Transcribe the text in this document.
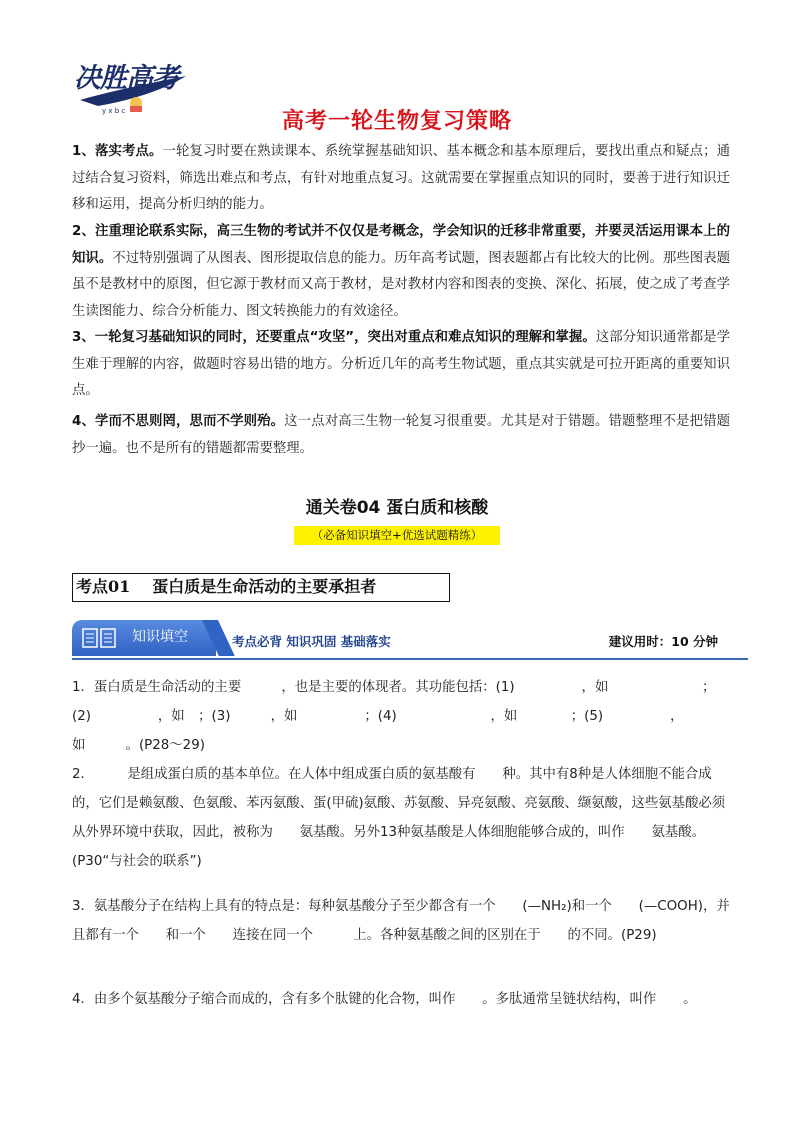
y x b c
决胜高考
高考一轮生物复习策略
1、落实考点。一轮复习时要在熟读课本、系统掌握基础知识、基本概念和基本原理后，要找出重点和疑点；通过结合复习资料，筛选出难点和考点，有针对地重点复习。这就需要在掌握重点知识的同时，要善于进行知识迁移和运用，提高分析归纳的能力。
2、注重理论联系实际，高三生物的考试并不仅仅是考概念，学会知识的迁移非常重要，并要灵活运用课本上的知识。不过特别强调了从图表、图形提取信息的能力。历年高考试题，图表题都占有比较大的比例。那些图表题虽不是教材中的原图，但它源于教材而又高于教材，是对教材内容和图表的变换、深化、拓展，使之成了考查学生读图能力、综合分析能力、图文转换能力的有效途径。
3、一轮复习基础知识的同时，还要重点“攻坚”，突出对重点和难点知识的理解和掌握。这部分知识通常都是学生难于理解的内容，做题时容易出错的地方。分析近几年的高考生物试题，重点其实就是可拉开距离的重要知识点。
4、学而不思则罔，思而不学则殆。这一点对高三生物一轮复习很重要。尤其是对于错题。错题整理不是把错题抄一遍。也不是所有的错题都需要整理。
通关卷04 蛋白质和核酸
（必备知识填空+优选试题精练）
考点01 蛋白质是生命活动的主要承担者
知识填空	考点必背 知识巩固 基础落实	建议用时：10 分钟
1．蛋白质是生命活动的主要　　　，也是主要的体现者。其功能包括：(1)　　　　　，如　　　　　　　；(2)　　　　　，如　；(3)　　　，如　　　　　；(4)　　　　　　　，如　　　　；(5)　　　　　，如　　　。(P28～29)
2．　　　是组成蛋白质的基本单位。在人体中组成蛋白质的氨基酸有　　种。其中有8种是人体细胞不能合成的，它们是赖氨酸、色氨酸、苯丙氨酸、蛋(甲硫)氨酸、苏氨酸、异亮氨酸、亮氨酸、缬氨酸，这些氨基酸必须从外界环境中获取，因此，被称为　　氨基酸。另外13种氨基酸是人体细胞能够合成的，叫作　　氨基酸。(P30“与社会的联系”)
3．氨基酸分子在结构上具有的特点是：每种氨基酸分子至少都含有一个　　(—NH₂)和一个　　(—COOH)，并且都有一个　　和一个　　连接在同一个　　　上。各种氨基酸之间的区别在于　　的不同。(P29)
4．由多个氨基酸分子缩合而成的，含有多个肽键的化合物，叫作　　。多肽通常呈链状结构，叫作　　。
